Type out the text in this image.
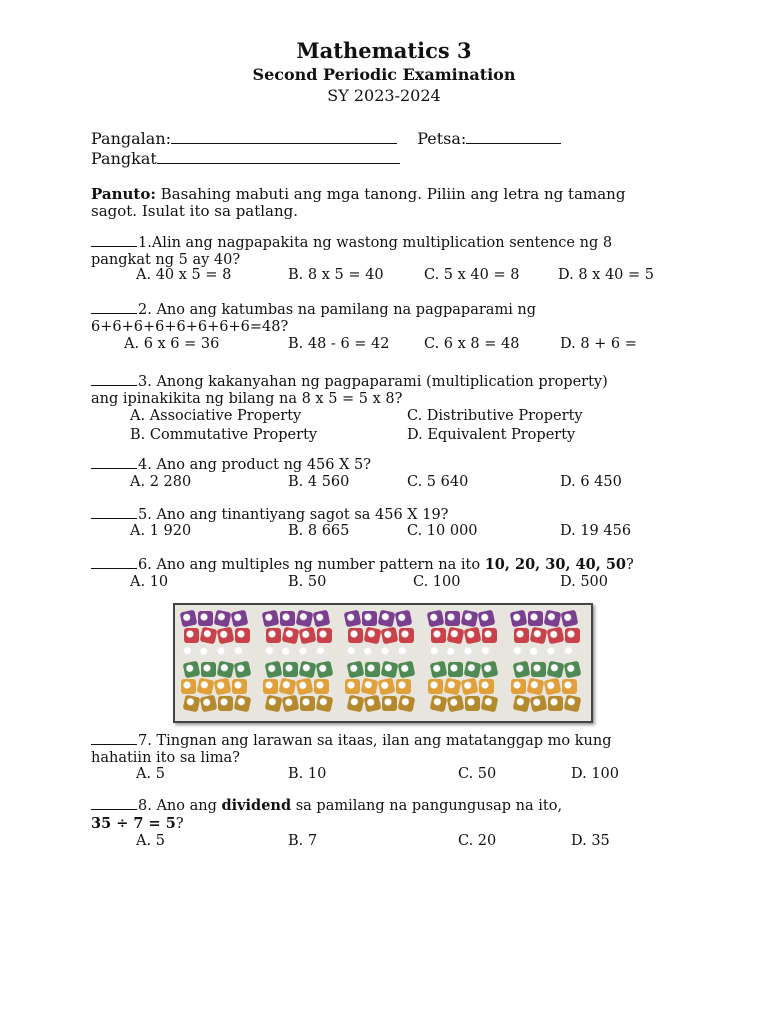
Mathematics 3
Second Periodic Examination
SY 2023-2024
Pangalan:	Petsa:
Pangkat
Panuto: Basahing mabuti ang mga tanong. Piliin ang letra ng tamang
sagot. Isulat ito sa patlang.
1.Alin ang nagpapakita ng wastong multiplication sentence ng 8
pangkat ng 5 ay 40?
A. 40 x 5 = 8	B. 8 x 5 = 40	C. 5 x 40 = 8	D. 8 x 40 = 5
2. Ano ang katumbas na pamilang na pagpaparami ng
6+6+6+6+6+6+6+6=48?
A. 6 x 6 = 36	B. 48 - 6 = 42 C. 6 x 8 = 48	D. 8 + 6 =
3. Anong kakanyahan ng pagpaparami (multiplication property)
ang ipinakikita ng bilang na 8 x 5 = 5 x 8?
A. Associative Property
B. Commutative Property
C. Distributive Property
D. Equivalent Property
4. Ano ang product ng 456 X 5?
A. 2 280	B. 4 560	C. 5 640	D. 6 450
5. Ano ang tinantiyang sagot sa 456 X 19?
A. 1 920	B. 8 665	C. 10 000	D. 19 456
6. Ano ang multiples ng number pattern na ito 10, 20, 30, 40, 50?
A. 10	B. 50	C. 100	D. 500
7. Tingnan ang larawan sa itaas, ilan ang matatanggap mo kung
hahatiin ito sa lima?
A. 5	B. 10	C. 50	D. 100
8. Ano ang dividend sa pamilang na pangungusap na ito,
35 ÷ 7 = 5?
A. 5	B. 7	C. 20	D. 35
